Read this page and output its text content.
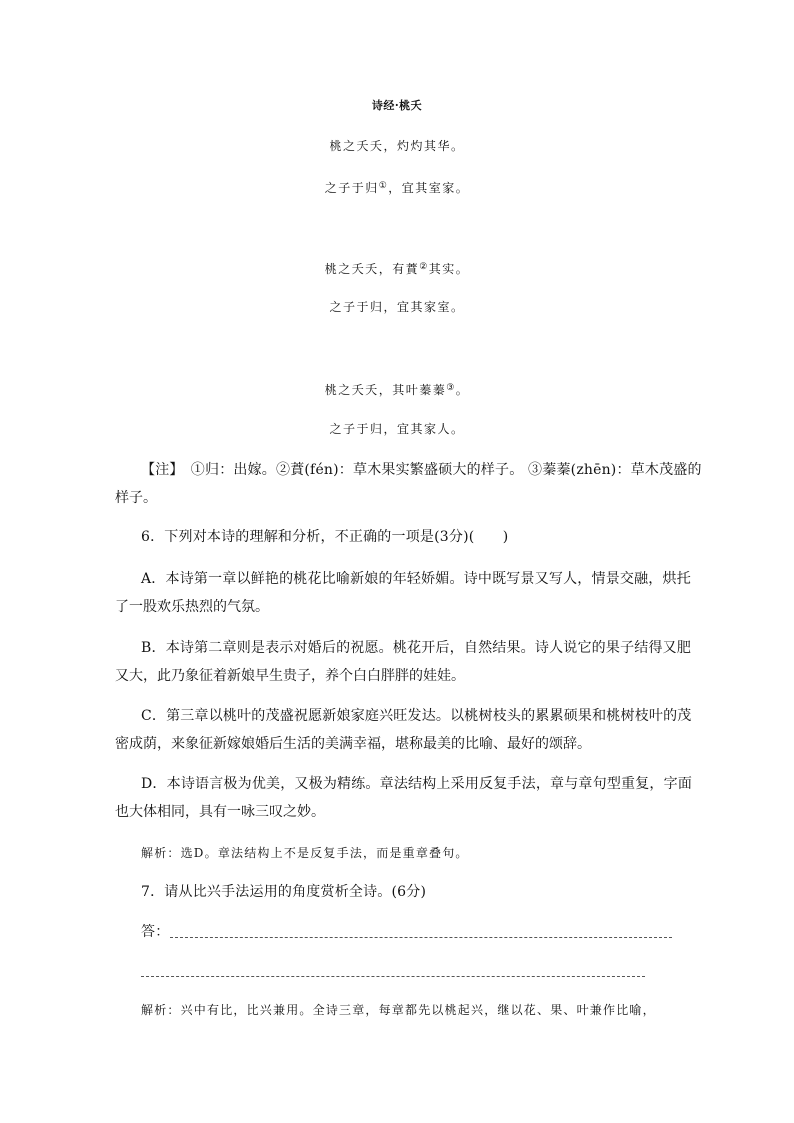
诗经·桃夭
桃之夭夭，灼灼其华。
之子于归①，宜其室家。
桃之夭夭，有蕡②其实。
之子于归，宜其家室。
桃之夭夭，其叶蓁蓁③。
之子于归，宜其家人。
【注】　①归：出嫁。②蕡(fén)：草木果实繁盛硕大的样子。 ③蓁蓁(zhēn)：草木茂盛的
样子。
6．下列对本诗的理解和分析，不正确的一项是(3分)(　　)
A．本诗第一章以鲜艳的桃花比喻新娘的年轻娇媚。诗中既写景又写人，情景交融，烘托
了一股欢乐热烈的气氛。
B．本诗第二章则是表示对婚后的祝愿。桃花开后，自然结果。诗人说它的果子结得又肥
又大，此乃象征着新娘早生贵子，养个白白胖胖的娃娃。
C．第三章以桃叶的茂盛祝愿新娘家庭兴旺发达。以桃树枝头的累累硕果和桃树枝叶的茂
密成荫，来象征新嫁娘婚后生活的美满幸福，堪称最美的比喻、最好的颂辞。
D．本诗语言极为优美，又极为精练。章法结构上采用反复手法，章与章句型重复，字面
也大体相同，具有一咏三叹之妙。
解析：选D。章法结构上不是反复手法，而是重章叠句。
7．请从比兴手法运用的角度赏析全诗。(6分)
答：
解析：兴中有比，比兴兼用。全诗三章，每章都先以桃起兴，继以花、果、叶兼作比喻，
